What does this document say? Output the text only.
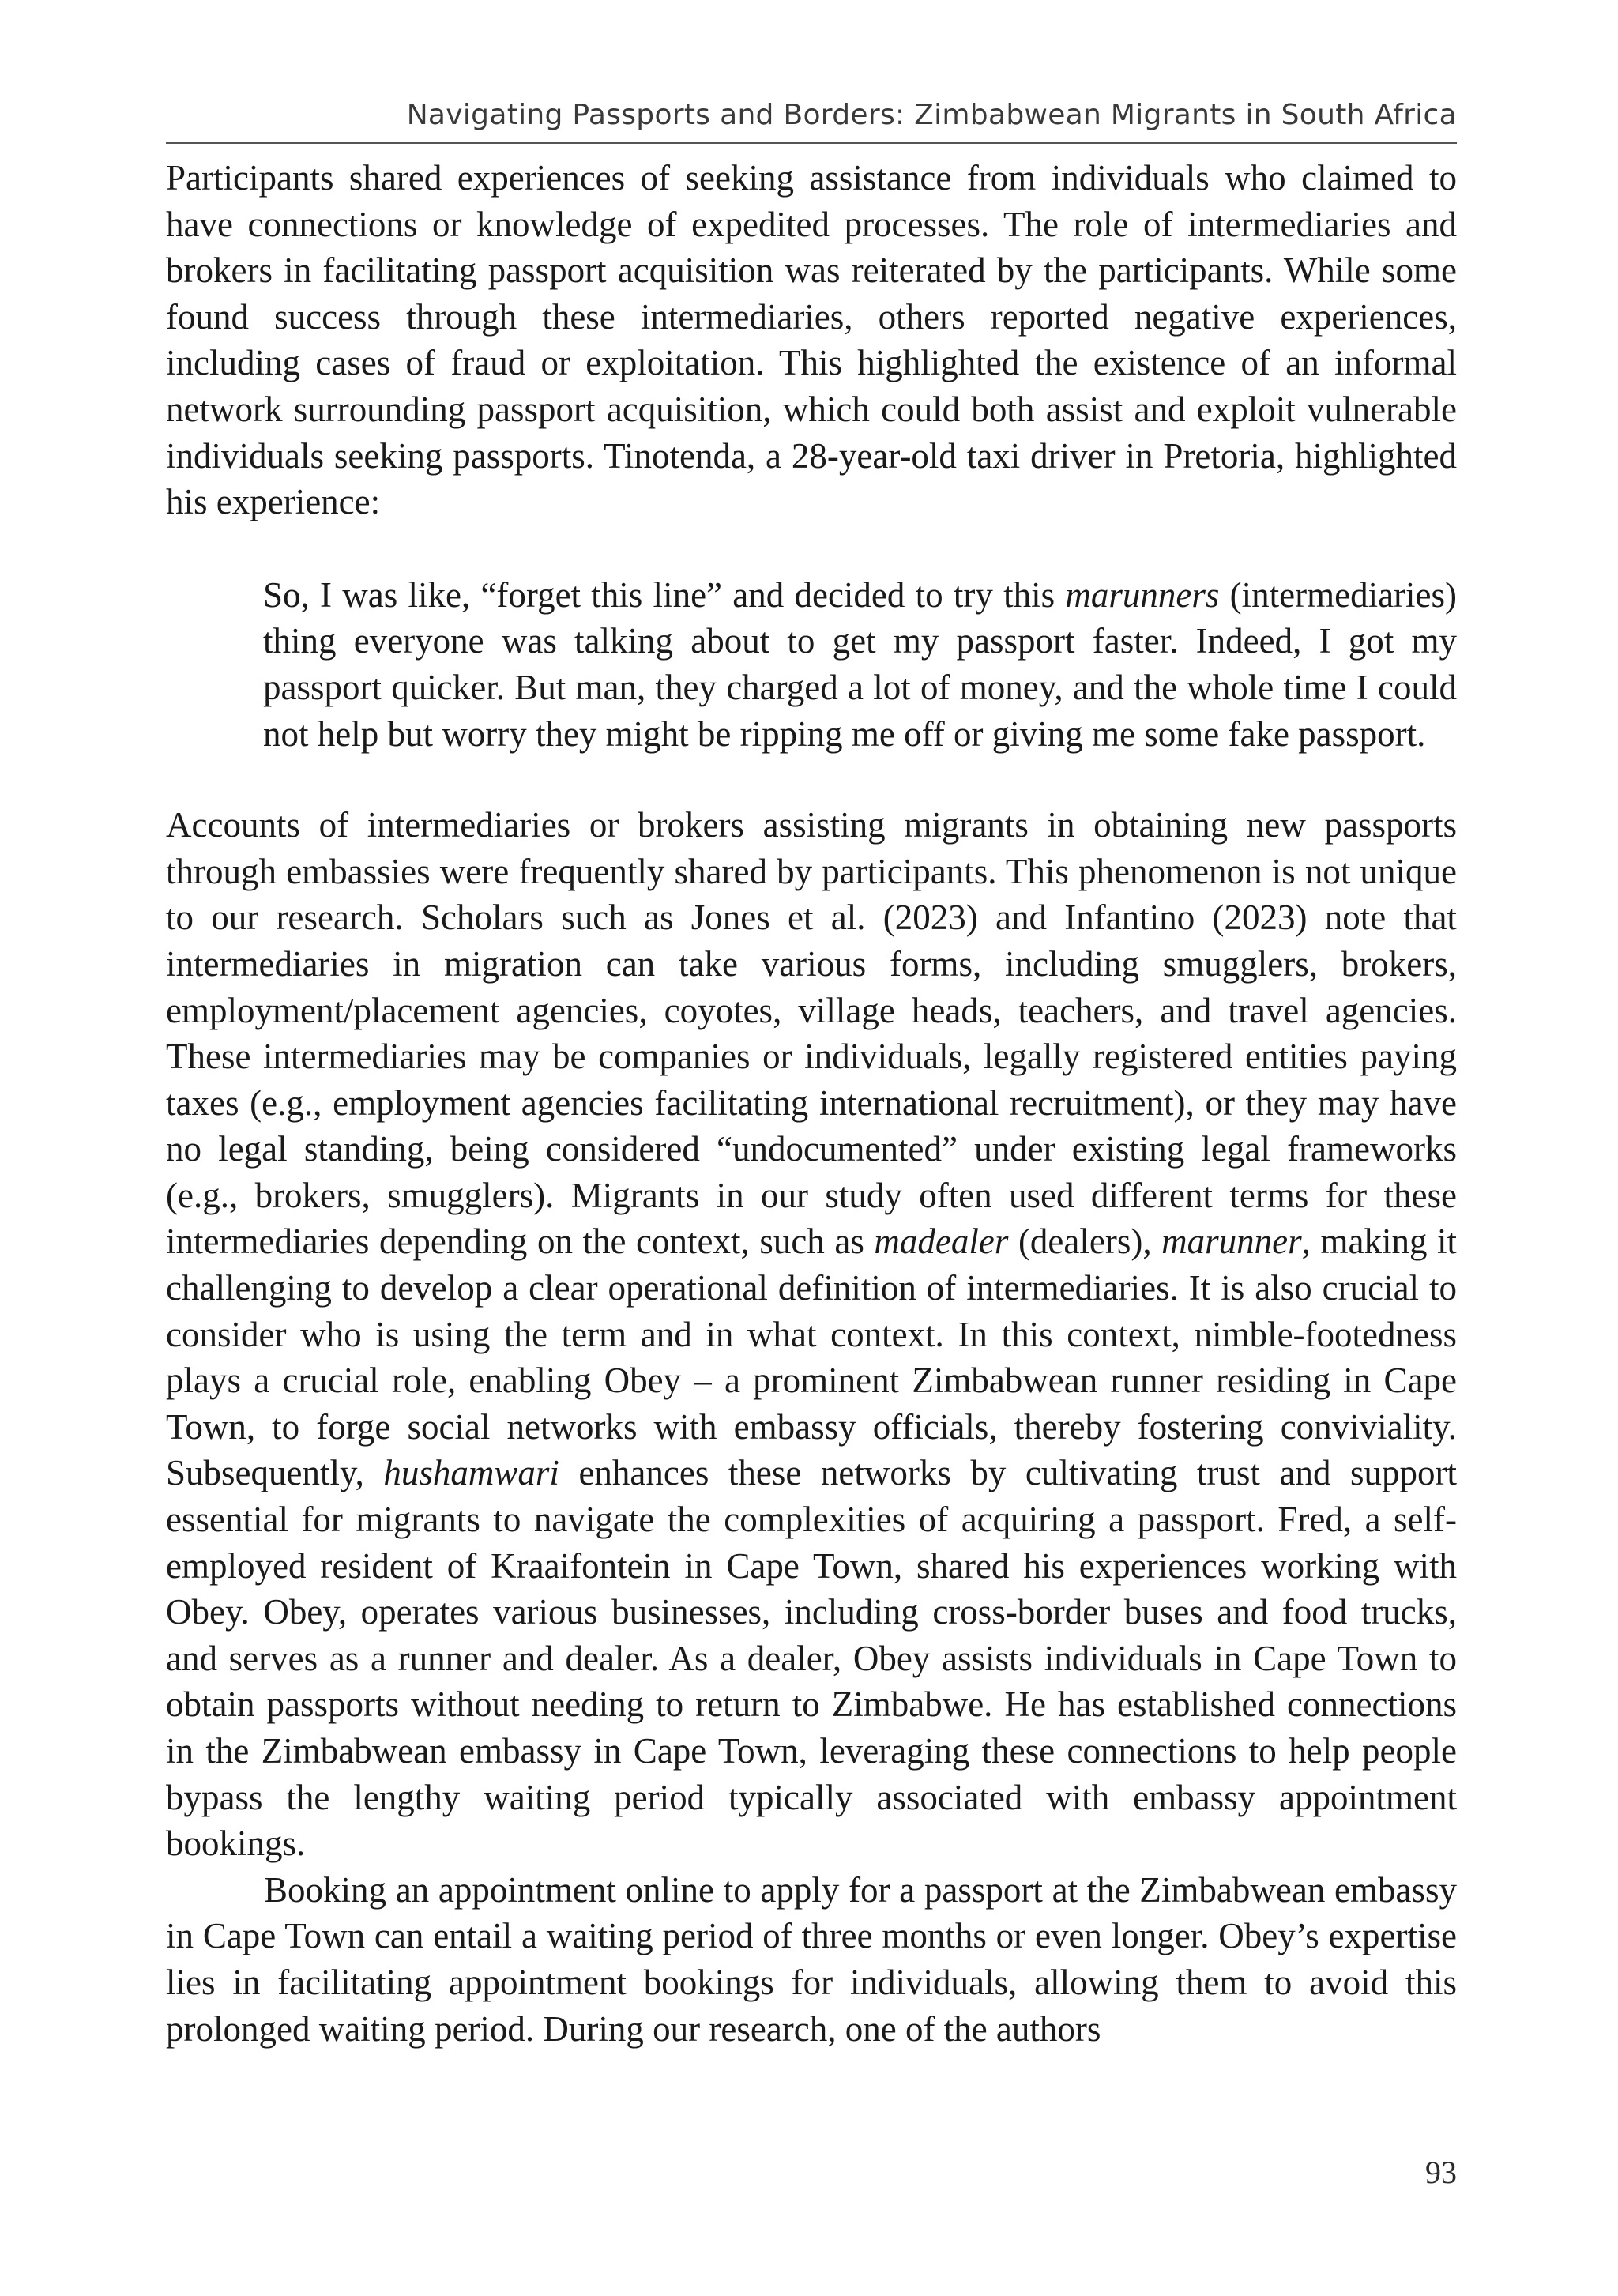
Navigating Passports and Borders: Zimbabwean Migrants in South Africa

Participants shared experiences of seeking assistance from individuals who claimed to have connections or knowledge of expedited processes. The role of intermediaries and brokers in facilitating passport acquisition was reiterated by the participants. While some found success through these intermediaries, others reported negative experiences, including cases of fraud or exploitation. This highlighted the existence of an informal network surrounding passport acquisition, which could both assist and exploit vulnerable individuals seeking passports. Tinotenda, a 28-year-old taxi driver in Pretoria, highlighted his experience:

So, I was like, “forget this line” and decided to try this marunners (intermediaries) thing everyone was talking about to get my passport faster. Indeed, I got my passport quicker. But man, they charged a lot of money, and the whole time I could not help but worry they might be ripping me off or giving me some fake passport.

Accounts of intermediaries or brokers assisting migrants in obtaining new passports through embassies were frequently shared by participants. This phenomenon is not unique to our research. Scholars such as Jones et al. (2023) and Infantino (2023) note that intermediaries in migration can take various forms, including smugglers, brokers, employment/placement agencies, coyotes, village heads, teachers, and travel agencies. These intermediaries may be companies or individuals, legally registered entities paying taxes (e.g., employment agencies facilitating international recruitment), or they may have no legal standing, being considered “undocumented” under existing legal frameworks (e.g., brokers, smugglers). Migrants in our study often used different terms for these intermediaries depending on the context, such as madealer (dealers), marunner, making it challenging to develop a clear operational definition of intermediaries. It is also crucial to consider who is using the term and in what context. In this context, nimble-footedness plays a crucial role, enabling Obey – a prominent Zimbabwean runner residing in Cape Town, to forge social networks with embassy officials, thereby fostering conviviality. Subsequently, hushamwari enhances these networks by cultivating trust and support essential for migrants to navigate the complexities of acquiring a passport. Fred, a self-employed resident of Kraaifontein in Cape Town, shared his experiences working with Obey. Obey, operates various businesses, including cross-border buses and food trucks, and serves as a runner and dealer. As a dealer, Obey assists individuals in Cape Town to obtain passports without needing to return to Zimbabwe. He has established connections in the Zimbabwean embassy in Cape Town, leveraging these connections to help people bypass the lengthy waiting period typically associated with embassy appointment bookings.

Booking an appointment online to apply for a passport at the Zimbabwean embassy in Cape Town can entail a waiting period of three months or even longer. Obey’s expertise lies in facilitating appointment bookings for individuals, allowing them to avoid this prolonged waiting period. During our research, one of the authors

93
